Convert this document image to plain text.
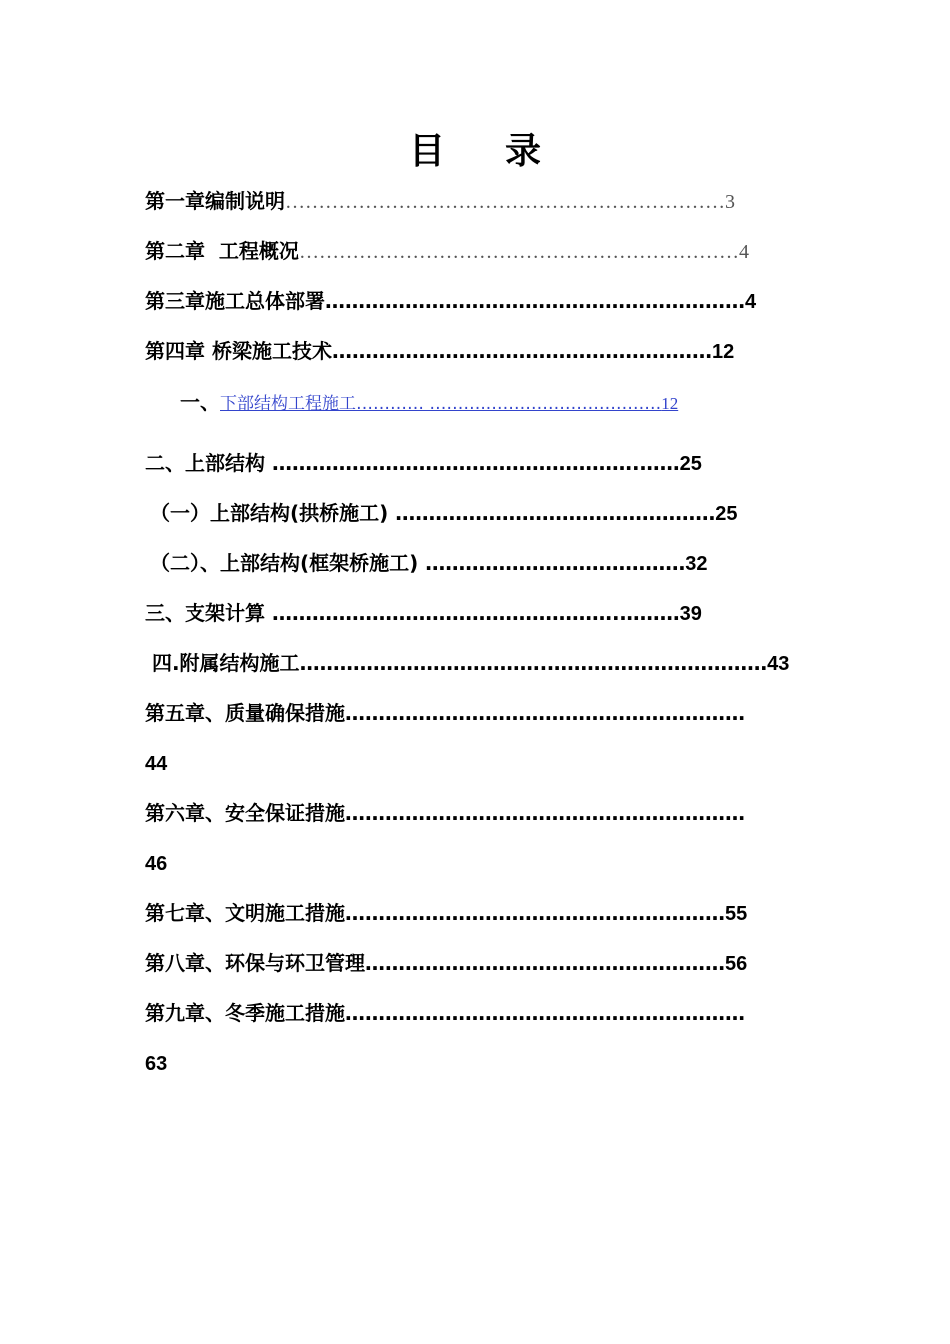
目 录
第一章编制说明…………………………………………………………3
第二章  工程概况…………………………………………………………4
第三章施工总体部署………………………………………………………4
第四章 桥梁施工技术…………………………………………………12
一、下部结构工程施工………… ………..…………………………12
二、上部结构 ……………………………………………….……25
（一）上部结构(拱桥施工) …………………………………………25
（二）、上部结构(框架桥施工) …………………………………32
三、支架计算 …………………………………………….………39
四.附属结构施工……………………………….……………………………43
第五章、质量确保措施……………………………………………………
44
第六章、安全保证措施……………………………………………………
46
第七章、文明施工措施…………………………………………………55
第八章、环保与环卫管理………………………………………………56
第九章、冬季施工措施……………………………………………………
63
